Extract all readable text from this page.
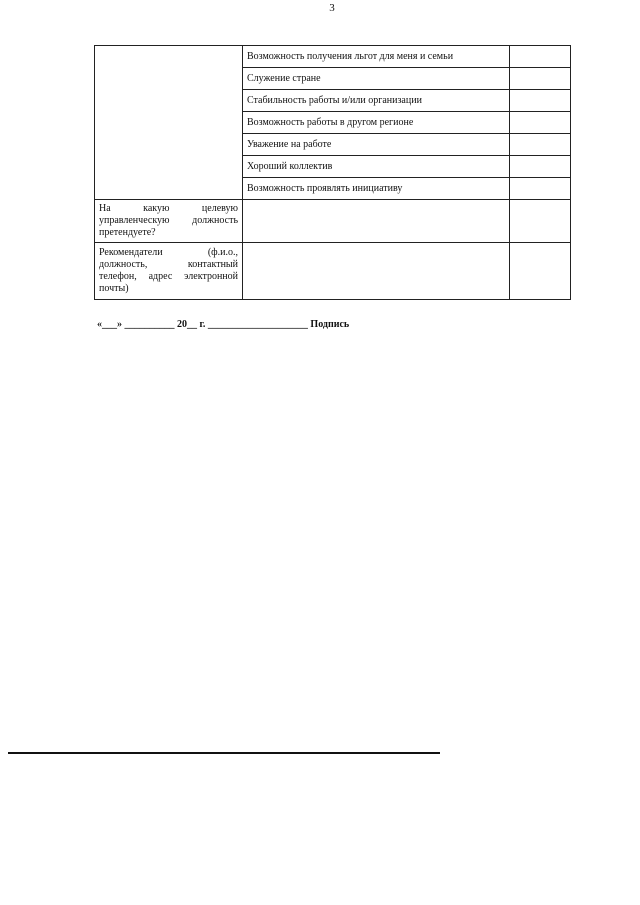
3
	Возможность получения льгот для меня и семьи	
	Служение стране	
	Стабильность работы и/или организации	
	Возможность работы в другом регионе	
	Уважение на работе	
	Хороший коллектив	
	Возможность проявлять инициативу	
На какую целевую управленческую должность претендуете?		
Рекомендатели (ф.и.о., должность, контактный телефон, адрес электронной почты)		
«___» __________ 20__ г. ____________________ Подпись
